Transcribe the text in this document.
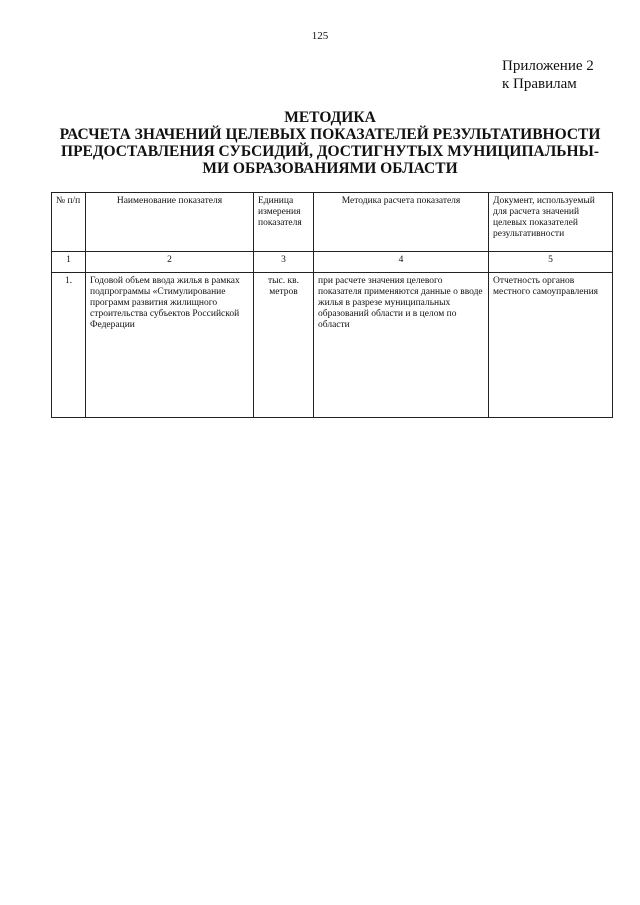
125
Приложение 2
к Правилам
МЕТОДИКА
РАСЧЕТА ЗНАЧЕНИЙ ЦЕЛЕВЫХ ПОКАЗАТЕЛЕЙ РЕЗУЛЬТАТИВНОСТИ
ПРЕДОСТАВЛЕНИЯ СУБСИДИЙ, ДОСТИГНУТЫХ МУНИЦИПАЛЬНЫ-
МИ ОБРАЗОВАНИЯМИ ОБЛАСТИ
№ п/п	Наименование показателя	Единица измерения показателя	Методика расчета показателя	Документ, используемый для расчета значений целевых показателей результативности
1	2	3	4	5
1.	Годовой объем ввода жилья в рамках подпрограммы «Стимулирование программ развития жилищного строительства субъектов Российской Федерации	тыс. кв. метров	при расчете значения целевого показателя применяются данные о вводе жилья в разрезе муниципальных образований области и в целом по области	Отчетность органов местного самоуправления
